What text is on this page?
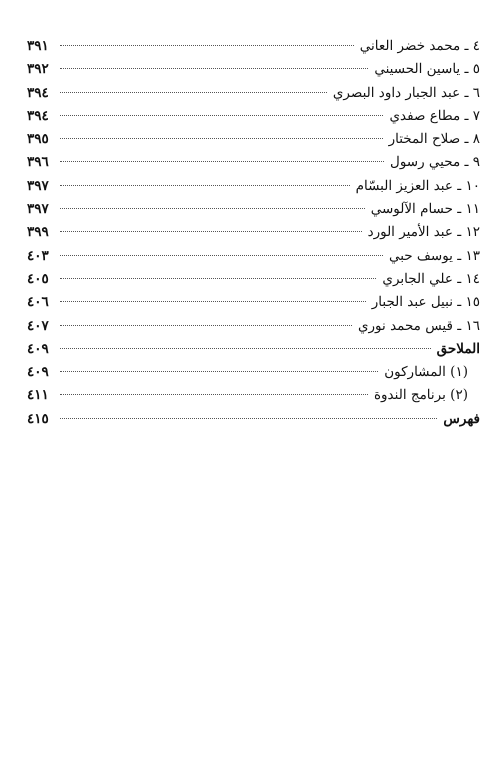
٤ ـ محمد خضر العاني
٣٩١
٥ ـ ياسين الحسيني
٣٩٢
٦ ـ عبد الجبار داود البصري
٣٩٤
٧ ـ مطاع صفدي
٣٩٤
٨ ـ صلاح المختار
٣٩٥
٩ ـ محيي رسول
٣٩٦
١٠ ـ عبد العزيز البسّام
٣٩٧
١١ ـ حسام الآلوسي
٣٩٧
١٢ ـ عبد الأمير الورد
٣٩٩
١٣ ـ يوسف حبي
٤٠٣
١٤ ـ علي الجابري
٤٠٥
١٥ ـ نبيل عبد الجبار
٤٠٦
١٦ ـ قيس محمد نوري
٤٠٧
الملاحق
٤٠٩
(١) المشاركون
٤٠٩
(٢) برنامج الندوة
٤١١
فهرس
٤١٥
